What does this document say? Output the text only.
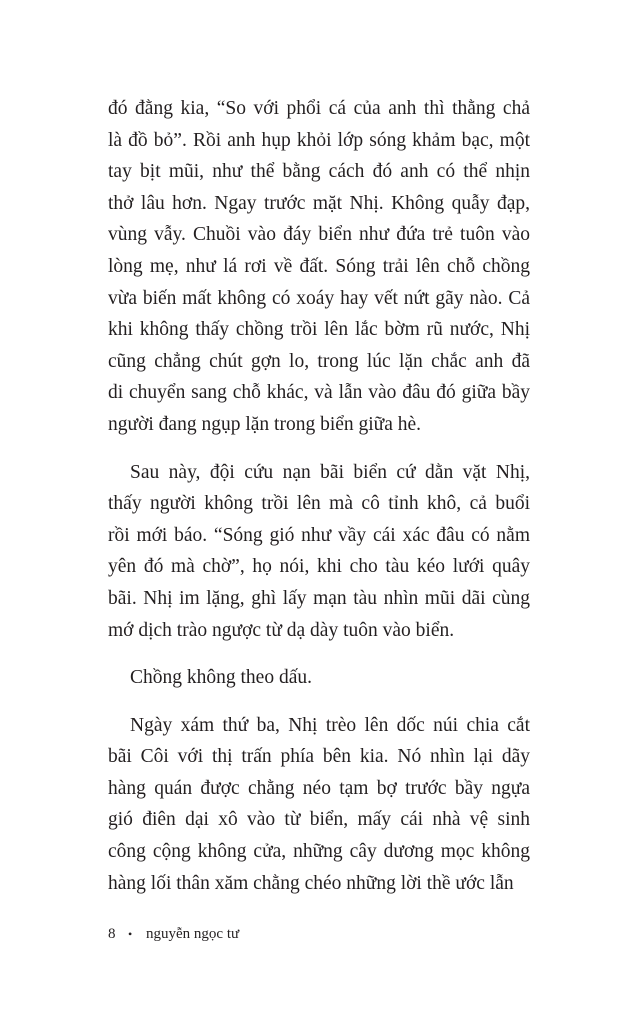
đó đằng kia, “So với phổi cá của anh thì thằng chả
là đồ bỏ”. Rồi anh hụp khỏi lớp sóng khảm bạc, một
tay bịt mũi, như thể bằng cách đó anh có thể nhịn
thở lâu hơn. Ngay trước mặt Nhị. Không quẫy đạp,
vùng vẫy. Chuồi vào đáy biển như đứa trẻ tuôn vào
lòng mẹ, như lá rơi về đất. Sóng trải lên chỗ chồng
vừa biến mất không có xoáy hay vết nứt gãy nào. Cả
khi không thấy chồng trồi lên lắc bờm rũ nước, Nhị
cũng chẳng chút gợn lo, trong lúc lặn chắc anh đã
di chuyển sang chỗ khác, và lẫn vào đâu đó giữa bầy
người đang ngụp lặn trong biển giữa hè.
Sau này, đội cứu nạn bãi biển cứ dằn vặt Nhị,
thấy người không trồi lên mà cô tỉnh khô, cả buổi
rồi mới báo. “Sóng gió như vầy cái xác đâu có nằm
yên đó mà chờ”, họ nói, khi cho tàu kéo lưới quây
bãi. Nhị im lặng, ghì lấy mạn tàu nhìn mũi dãi cùng
mớ dịch trào ngược từ dạ dày tuôn vào biển.
Chồng không theo dấu.
Ngày xám thứ ba, Nhị trèo lên dốc núi chia cắt
bãi Côi với thị trấn phía bên kia. Nó nhìn lại dãy
hàng quán được chằng néo tạm bợ trước bầy ngựa
gió điên dại xô vào từ biển, mấy cái nhà vệ sinh
công cộng không cửa, những cây dương mọc không
hàng lối thân xăm chằng chéo những lời thề ước lẫn
8	• nguyễn ngọc tư
